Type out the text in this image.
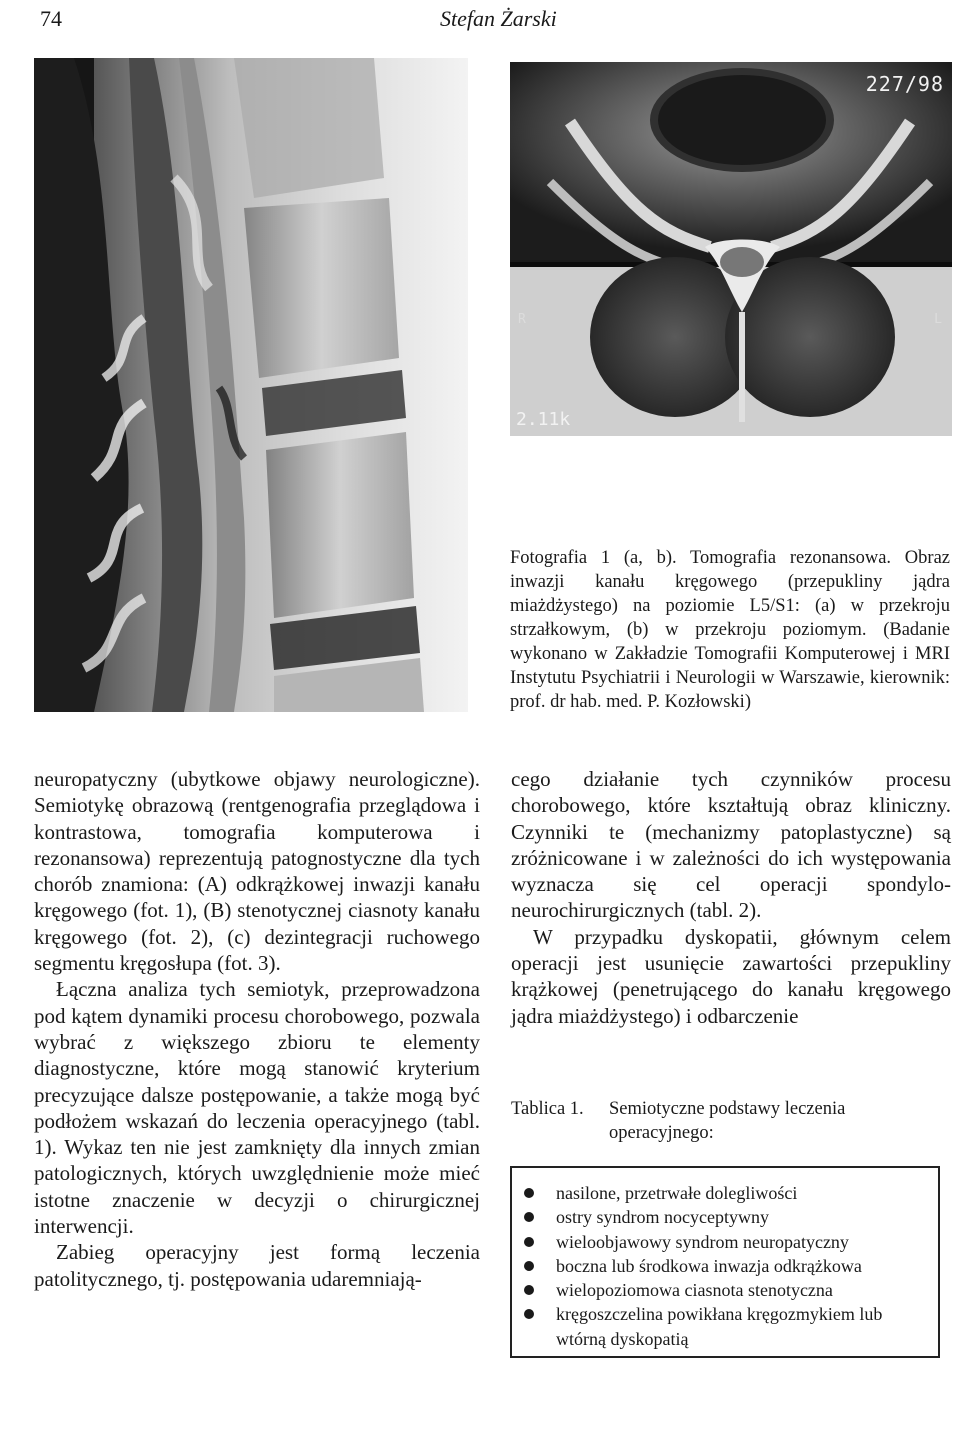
74	Stefan Żarski
227/98
2.11k
R	L
Fotografia 1 (a, b). Tomografia rezonansowa. Obraz inwazji kanału kręgowego (przepukliny jądra miażdżystego) na poziomie L5/S1: (a) w przekroju strzałkowym, (b) w przekroju poziomym. (Badanie wykonano w Zakładzie Tomografii Komputerowej i MRI Instytutu Psychiatrii i Neurologii w Warszawie, kierownik: prof. dr hab. med. P. Kozłowski)

neuropatyczny (ubytkowe objawy neurologiczne). Semiotykę obrazową (rentgenografia przeglądowa i kontrastowa, tomografia komputerowa i rezonansowa) reprezentują patognostyczne dla tych chorób znamiona: (A) odkrążkowej inwazji kanału kręgowego (fot. 1), (B) stenotycznej ciasnoty kanału kręgowego (fot. 2), (c) dezintegracji ruchowego segmentu kręgosłupa (fot. 3).

Łączna analiza tych semiotyk, przeprowadzona pod kątem dynamiki procesu chorobowego, pozwala wybrać z większego zbioru te elementy diagnostyczne, które mogą stanowić kryterium precyzujące dalsze postępowanie, a także mogą być podłożem wskazań do leczenia operacyjnego (tabl. 1). Wykaz ten nie jest zamknięty dla innych zmian patologicznych, których uwzględnienie może mieć istotne znaczenie w decyzji o chirurgicznej interwencji.

Zabieg operacyjny jest formą leczenia patolitycznego, tj. postępowania udaremniają-

cego działanie tych czynników procesu chorobowego, które kształtują obraz kliniczny. Czynniki te (mechanizmy patoplastyczne) są zróżnicowane i w zależności do ich występowania wyznacza się cel operacji spondylo-neurochirurgicznych (tabl. 2).

W przypadku dyskopatii, głównym celem operacji jest usunięcie zawartości przepukliny krążkowej (penetrującego do kanału kręgowego jądra miażdżystego) i odbarczenie

Tablica 1.	Semiotyczne podstawy leczenia operacyjnego:
nasilone, przetrwałe dolegliwości
ostry syndrom nocyceptywny
wieloobjawowy syndrom neuropatyczny
boczna lub środkowa inwazja odkrążkowa
wielopoziomowa ciasnota stenotyczna
kręgoszczelina powikłana kręgozmykiem lub wtórną dyskopatią
